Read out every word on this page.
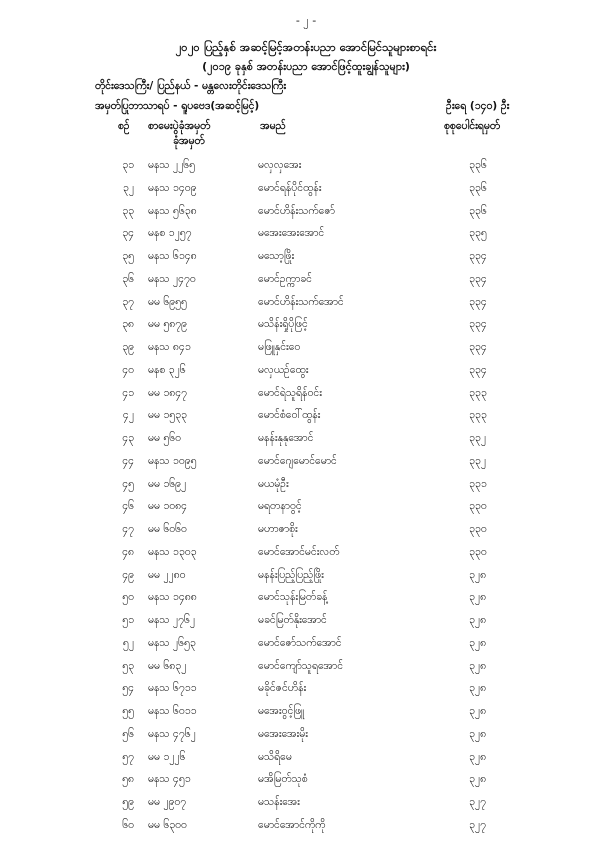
- ၂ -
၂၀၂၀ ပြည့်နှစ် အဆင့်မြင့်အတန်းပညာ အောင်မြင်သူများစာရင်း
(၂၀၁၉ ခုနှစ် အတန်းပညာ အောင်ဖြင့်ထူးချွန်သူများ)
တိုင်းဒေသကြီး/ ပြည်နယ် - မန္တလေးတိုင်းဒေသကြီး
အမှတ်ပြုဘာသာရပ် - ရူပဗေဒ(အဆင့်မြင့်)	ဦးရေ (၁၄၀) ဦး
စဉ် စာမေးပွဲခုံအမှတ်
ခုံအမှတ်
အမည်	စုစုပေါင်းရမှတ်
၃၁ မနသ ၂၂၆၅	မလှလှအေး	၃၃၆
၃၂ မနသ ၁၄၀၉	မောင်ရန်ပိုင်ထွန်း	၃၃၆
၃၃ မနသ ၅၆၃၈	မောင်ဟိန်းသက်ဇော်	၃၃၆
၃၄ မနစ ၁၂၅၇	မအေးအေးအောင်	၃၃၅
၃၅ မနသ ၆၁၄၈	မသော့ဖြိုး	၃၃၄
၃၆ မနသ ၂၄၇၀	မောင်ဥက္ကာခင်	၃၃၄
၃၇ မမ ၆၉၅၅	မောင်ဟိန်းသက်အောင်	၃၃၄
၃၈ မမ ၅၈၇၉	မသိန်းရှိုပိုဖြင့်	၃၃၄
၃၉ မနသ ၈၄၁	မဖြူနှင်းဝေ	၃၃၄
၄၀ မနစ ၃၂၆	မလှယဉ်ထွေး	၃၃၄
၄၁ မမ ၁၈၄၇	မောင်ရဲသူရိန်ဝင်း	၃၃၃
၄၂ မမ ၁၅၃၃	မောင်စံဝေါ်ထွန်း	၃၃၃
၄၃ မမ ၅၆၀	မနန်းနုနုအောင်	၃၃၂
၄၄ မနသ ၁၀၉၅	မောင်ဂျေမောင်မောင်	၃၃၂
၄၅ မမ ၁၆၉၂	မယမုံဦး	၃၃၁
၄၆ မမ ၁၀၈၄	မရတနာဝွင့်	၃၃၀
၄၇ မမ ၆၀၆၀	မဟာဇာစိုး	၃၃၀
၄၈ မနသ ၁၃၀၃	မောင်အောင်မင်းလတ်	၃၃၀
၄၉ မမ ၂၂၈၀	မနန်းပြည့်ပြည့်ဖြိုး	၃၂၈
၅၀ မနသ ၁၄၈၈	မောင်သုန်းမြတ်ခန့်	၃၂၈
၅၁ မနသ ၂၇၆၂	မခင်မြတ်နိုးအောင်	၃၂၈
၅၂ မနသ ၂၆၅၃	မောင်ဇော်သက်အောင်	၃၂၈
၅၃ မမ ၆၈၃၂	မောင်ကျော်သူရအောင်	၃၂၈
၅၄ မနသ ၆၇၁၁	မခိုင်ဇင်ဟိန်း	၃၂၈
၅၅ မနသ ၆၀၁၁	မအေးဝွင့်ဖြူ	၃၂၈
၅၆ မနသ ၄၇၆၂	မအေးအေးမိုး	၃၂၈
၅၇ မမ ၁၂၂၆	မသိရိမေ	၃၂၈
၅၈ မနသ ၄၅၁	မအိမြတ်သုစံ	၃၂၈
၅၉ မမ ၂၉၀၇	မသန်းအေး	၃၂၇
၆၀ မမ ၆၃၀၀	မောင်အောင်ကိုကို	၃၂၇
